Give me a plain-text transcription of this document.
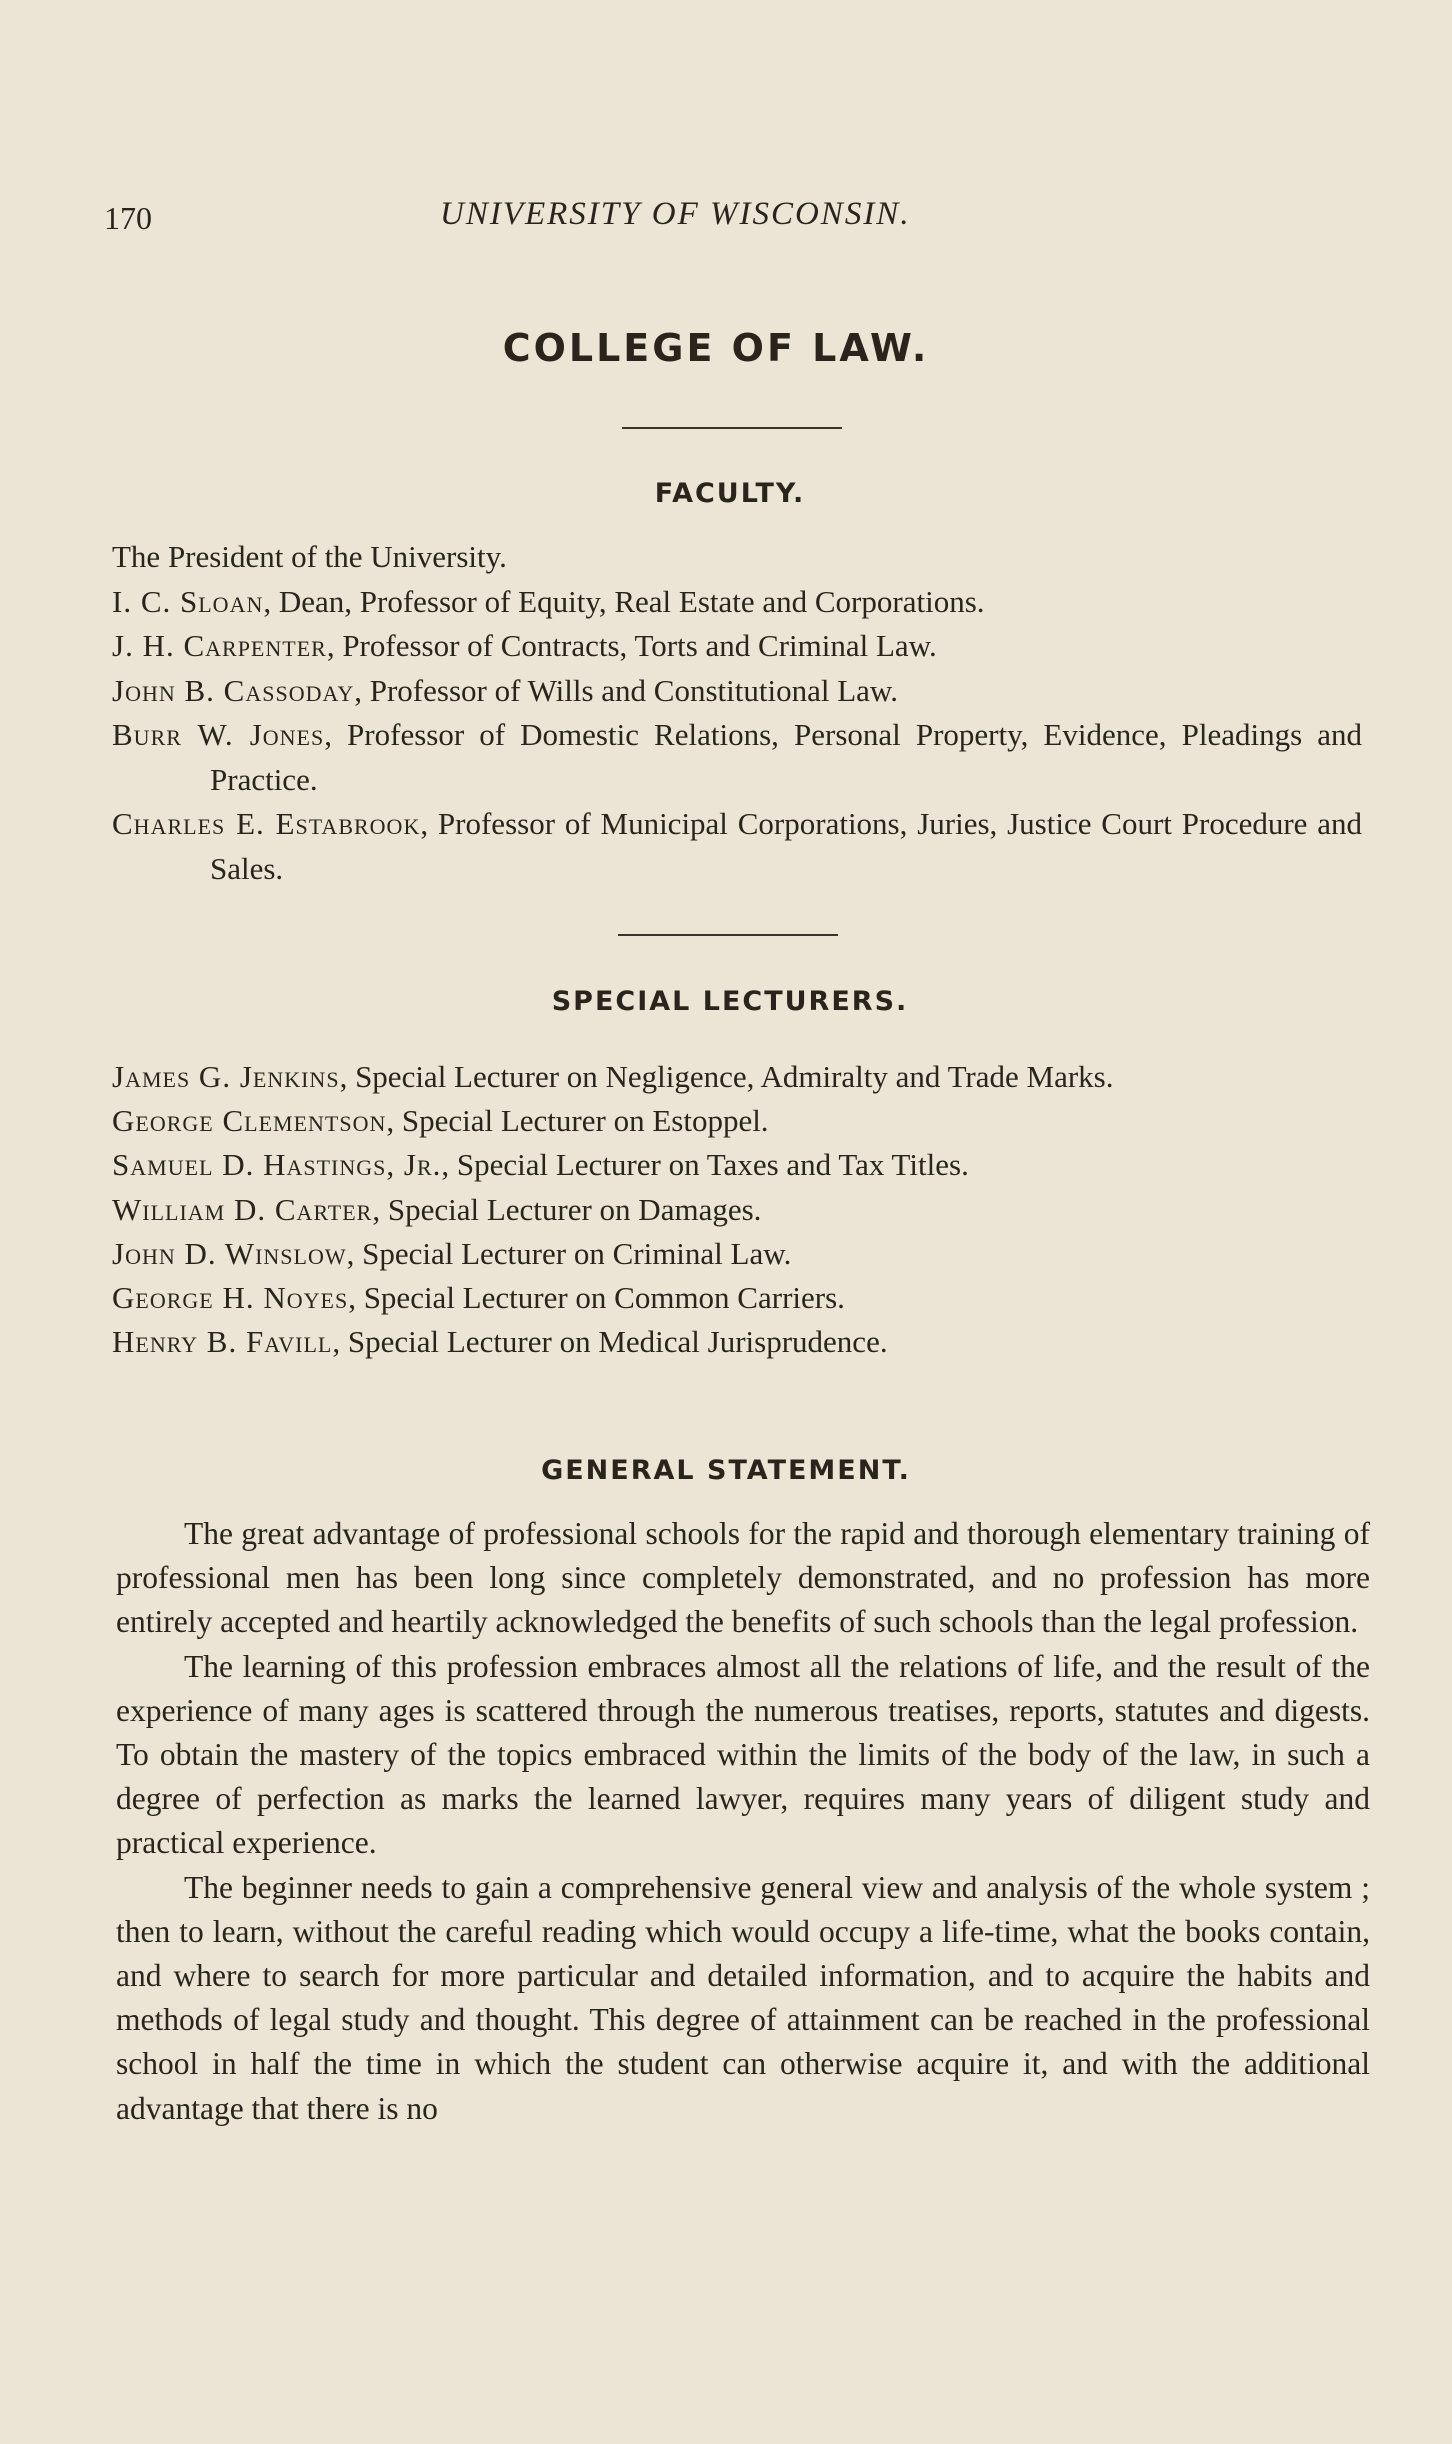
170	UNIVERSITY OF WISCONSIN.
COLLEGE OF LAW.
FACULTY.

The President of the University.

I. C. Sloan, Dean, Professor of Equity, Real Estate and Corporations.

J. H. Carpenter, Professor of Contracts, Torts and Criminal Law.

John B. Cassoday, Professor of Wills and Constitutional Law.

Burr W. Jones, Professor of Domestic Relations, Personal Property, Evidence, Pleadings and Practice.

Charles E. Estabrook, Professor of Municipal Corporations, Juries, Justice Court Procedure and Sales.

SPECIAL LECTURERS.

James G. Jenkins, Special Lecturer on Negligence, Admiralty and Trade Marks.

George Clementson, Special Lecturer on Estoppel.

Samuel D. Hastings, Jr., Special Lecturer on Taxes and Tax Titles.

William D. Carter, Special Lecturer on Damages.

John D. Winslow, Special Lecturer on Criminal Law.

George H. Noyes, Special Lecturer on Common Carriers.

Henry B. Favill, Special Lecturer on Medical Jurisprudence.

GENERAL STATEMENT.

The great advantage of professional schools for the rapid and thorough elementary training of professional men has been long since completely demonstrated, and no profession has more entirely accepted and heartily acknowledged the benefits of such schools than the legal profession.

The learning of this profession embraces almost all the relations of life, and the result of the experience of many ages is scattered through the numerous treatises, reports, statutes and digests. To obtain the mastery of the topics embraced within the limits of the body of the law, in such a degree of perfection as marks the learned lawyer, requires many years of diligent study and practical experience.

The beginner needs to gain a comprehensive general view and analysis of the whole system ; then to learn, without the careful reading which would occupy a life-time, what the books contain, and where to search for more particular and detailed information, and to acquire the habits and methods of legal study and thought. This degree of attainment can be reached in the professional school in half the time in which the student can otherwise acquire it, and with the additional advantage that there is no
